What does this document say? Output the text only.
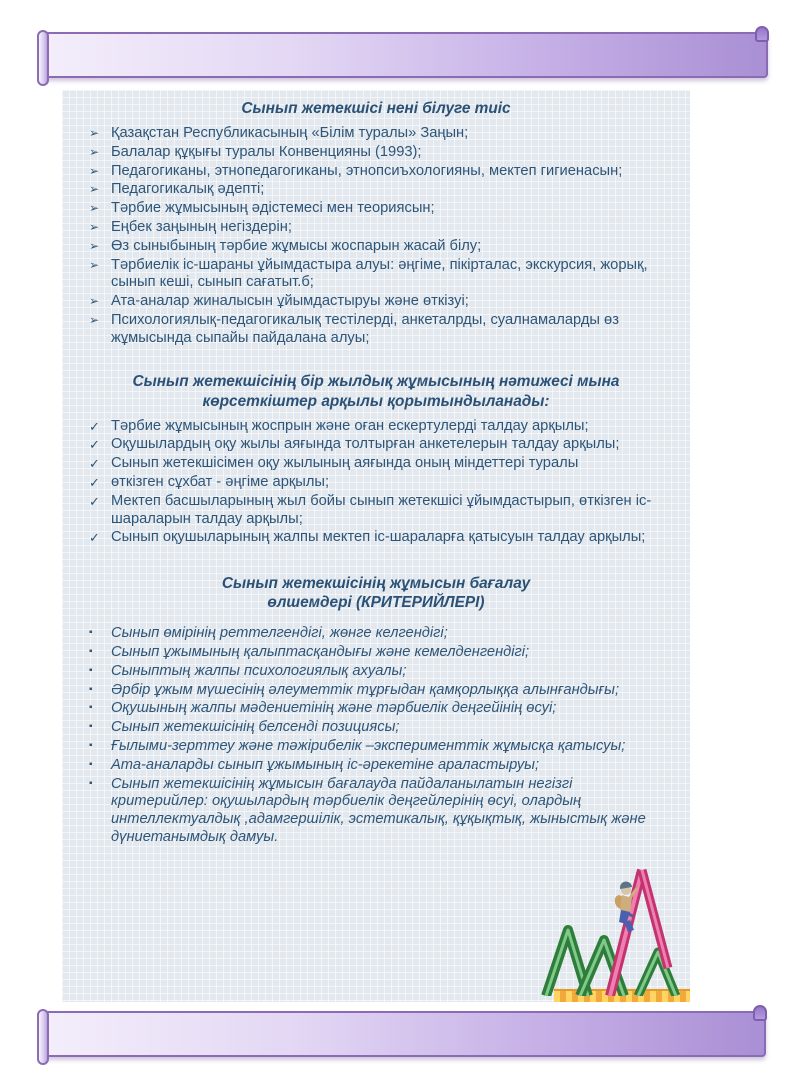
Сынып жетекшісі нені білуге тиіс
➢ Қазақстан Республикасының «Білім туралы» Заңын;
➢ Балалар құқығы туралы Конвенцияны (1993);
➢ Педагогиканы, этнопедагогиканы, этнопсиъхологияны, мектеп гигиенасын;
➢ Педагогикалық әдепті;
➢ Тәрбие жұмысының әдістемесі мен теориясын;
➢ Еңбек заңының негіздерін;
➢ Өз сыныбының тәрбие жұмысы жоспарын жасай білу;
➢ Тәрбиелік іс-шараны ұйымдастыра алуы: әңгіме, пікірталас, экскурсия, жорық, сынып кеші, сынып сағатыт.б;
➢ Ата-аналар жиналысын ұйымдастыруы және өткізуі;
➢ Психологиялық-педагогикалық тестілерді, анкеталрды, суалнамаларды өз жұмысында сыпайы пайдалана алуы;
Сынып жетекшісінің бір жылдық жұмысының нәтижесі мына көрсеткіштер арқылы қорытындыланады:
✓ Тәрбие жұмысының жоспрын және оған ескертулерді талдау арқылы;
✓ Оқушылардың оқу жылы аяғында толтырған анкетелерын талдау арқылы;
✓ Сынып жетекшісімен оқу жылының аяғында оның міндеттері туралы
✓ өткізген сұхбат - әңгіме арқылы;
✓ Мектеп басшыларының жыл бойы сынып жетекшісі ұйымдастырып, өткізген іс-шараларын талдау арқылы;
✓ Сынып оқушыларының жалпы мектеп іс-шараларға қатысуын талдау арқылы;
Сынып жетекшісінің жұмысын бағалау өлшемдері (КРИТЕРИЙЛЕРІ)
▪ Сынып өмірінің реттелгендігі, жөнге келгендігі;
▪ Сынып ұжымының қалыптасқандығы және кемелденгендігі;
▪ Сыныптың жалпы психологиялық ахуалы;
▪ Әрбір ұжым мүшесінің әлеуметтік тұрғыдан қамқорлыққа алынғандығы;
▪ Оқушының жалпы мәдениетінің және тәрбиелік деңгейінің өсуі;
▪ Сынып жетекшісінің белсенді позициясы;
▪ Ғылыми-зерттеу және тәжірибелік –эксперименттік жұмысқа қатысуы;
▪ Ата-аналарды сынып ұжымының іс-әрекетіне араластыруы;
▪ Сынып жетекшісінің жұмысын бағалауда пайдаланылатын негізгі критерийлер: оқушылардың тәрбиелік деңгейлерінің өсуі, олардың интеллектуалдық ,адамгершілік, эстетикалық, құқықтық, жыныстық және дүниетанымдық дамуы.
7
